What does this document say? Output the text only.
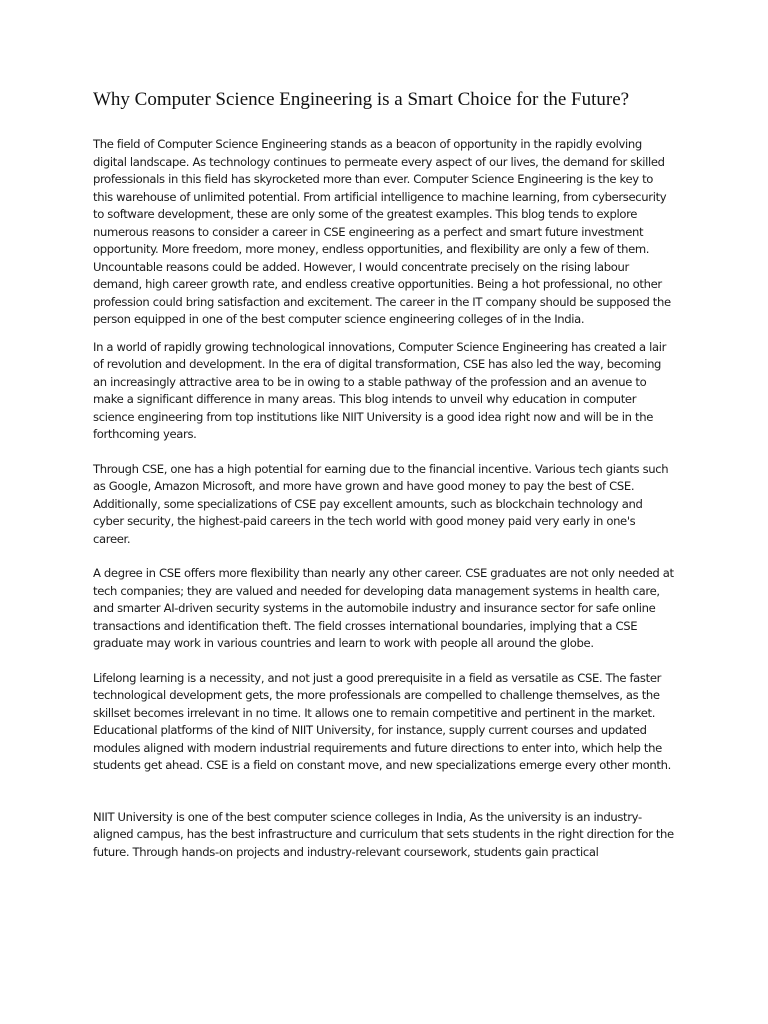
Why Computer Science Engineering is a Smart Choice for the Future?

The field of Computer Science Engineering stands as a beacon of opportunity in the rapidly evolving digital landscape. As technology continues to permeate every aspect of our lives, the demand for skilled professionals in this field has skyrocketed more than ever. Computer Science Engineering is the key to this warehouse of unlimited potential. From artificial intelligence to machine learning, from cybersecurity to software development, these are only some of the greatest examples. This blog tends to explore numerous reasons to consider a career in CSE engineering as a perfect and smart future investment opportunity. More freedom, more money, endless opportunities, and flexibility are only a few of them. Uncountable reasons could be added. However, I would concentrate precisely on the rising labour demand, high career growth rate, and endless creative opportunities. Being a hot professional, no other profession could bring satisfaction and excitement. The career in the IT company should be supposed the person equipped in one of the best computer science engineering colleges of in the India.

In a world of rapidly growing technological innovations, Computer Science Engineering has created a lair of revolution and development. In the era of digital transformation, CSE has also led the way, becoming an increasingly attractive area to be in owing to a stable pathway of the profession and an avenue to make a significant difference in many areas. This blog intends to unveil why education in computer science engineering from top institutions like NIIT University is a good idea right now and will be in the forthcoming years.

Through CSE, one has a high potential for earning due to the financial incentive. Various tech giants such as Google, Amazon Microsoft, and more have grown and have good money to pay the best of CSE. Additionally, some specializations of CSE pay excellent amounts, such as blockchain technology and cyber security, the highest-paid careers in the tech world with good money paid very early in one's career.

A degree in CSE offers more flexibility than nearly any other career. CSE graduates are not only needed at tech companies; they are valued and needed for developing data management systems in health care, and smarter AI-driven security systems in the automobile industry and insurance sector for safe online transactions and identification theft. The field crosses international boundaries, implying that a CSE graduate may work in various countries and learn to work with people all around the globe.

Lifelong learning is a necessity, and not just a good prerequisite in a field as versatile as CSE. The faster technological development gets, the more professionals are compelled to challenge themselves, as the skillset becomes irrelevant in no time. It allows one to remain competitive and pertinent in the market. Educational platforms of the kind of NIIT University, for instance, supply current courses and updated modules aligned with modern industrial requirements and future directions to enter into, which help the students get ahead. CSE is a field on constant move, and new specializations emerge every other month.

NIIT University is one of the best computer science colleges in India, As the university is an industry-aligned campus, has the best infrastructure and curriculum that sets students in the right direction for the future. Through hands-on projects and industry-relevant coursework, students gain practical
